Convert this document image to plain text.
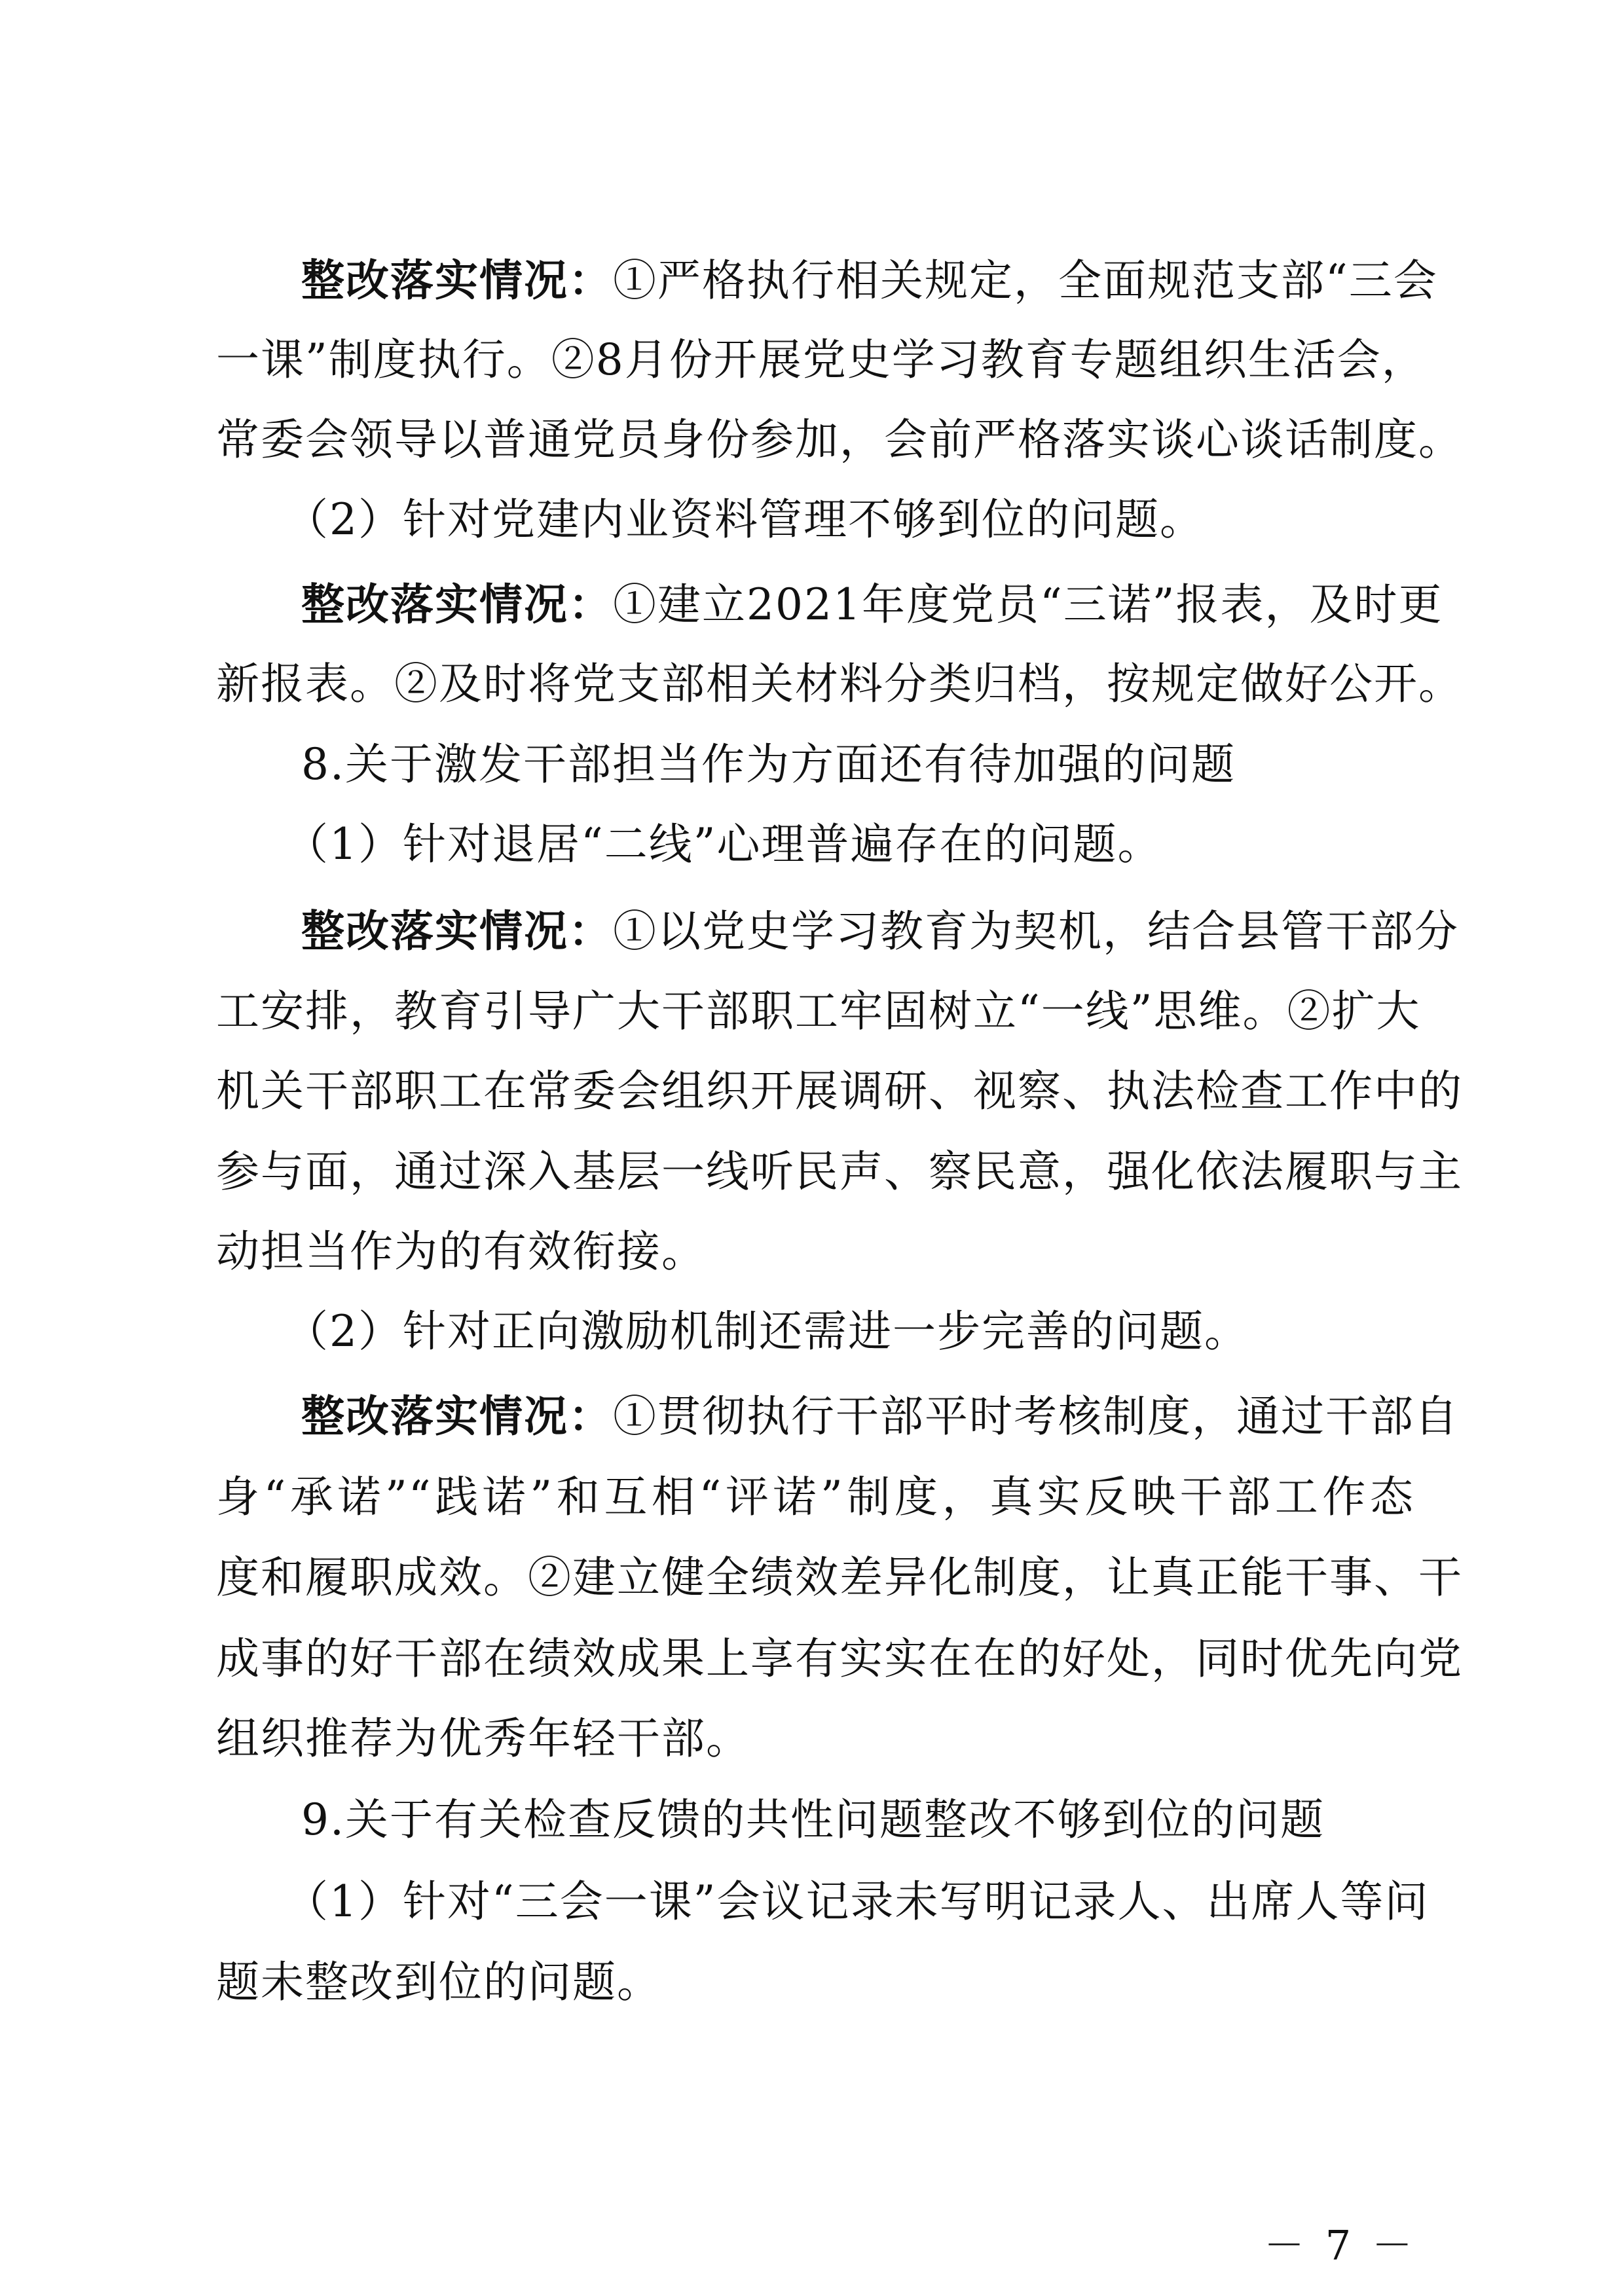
整改落实情况：①严格执行相关规定，全面规范支部“三会

一课”制度执行。②8月份开展党史学习教育专题组织生活会，

常委会领导以普通党员身份参加，会前严格落实谈心谈话制度。

（2）针对党建内业资料管理不够到位的问题。

整改落实情况：①建立2021年度党员“三诺”报表，及时更

新报表。②及时将党支部相关材料分类归档，按规定做好公开。

8.关于激发干部担当作为方面还有待加强的问题

（1）针对退居“二线”心理普遍存在的问题。

整改落实情况：①以党史学习教育为契机，结合县管干部分

工安排，教育引导广大干部职工牢固树立“一线”思维。②扩大

机关干部职工在常委会组织开展调研、视察、执法检查工作中的

参与面，通过深入基层一线听民声、察民意，强化依法履职与主

动担当作为的有效衔接。

（2）针对正向激励机制还需进一步完善的问题。

整改落实情况：①贯彻执行干部平时考核制度，通过干部自

身“承诺”“践诺”和互相“评诺”制度，真实反映干部工作态

度和履职成效。②建立健全绩效差异化制度，让真正能干事、干

成事的好干部在绩效成果上享有实实在在的好处，同时优先向党

组织推荐为优秀年轻干部。

9.关于有关检查反馈的共性问题整改不够到位的问题

（1）针对“三会一课”会议记录未写明记录人、出席人等问

题未整改到位的问题。

－ 7 －
